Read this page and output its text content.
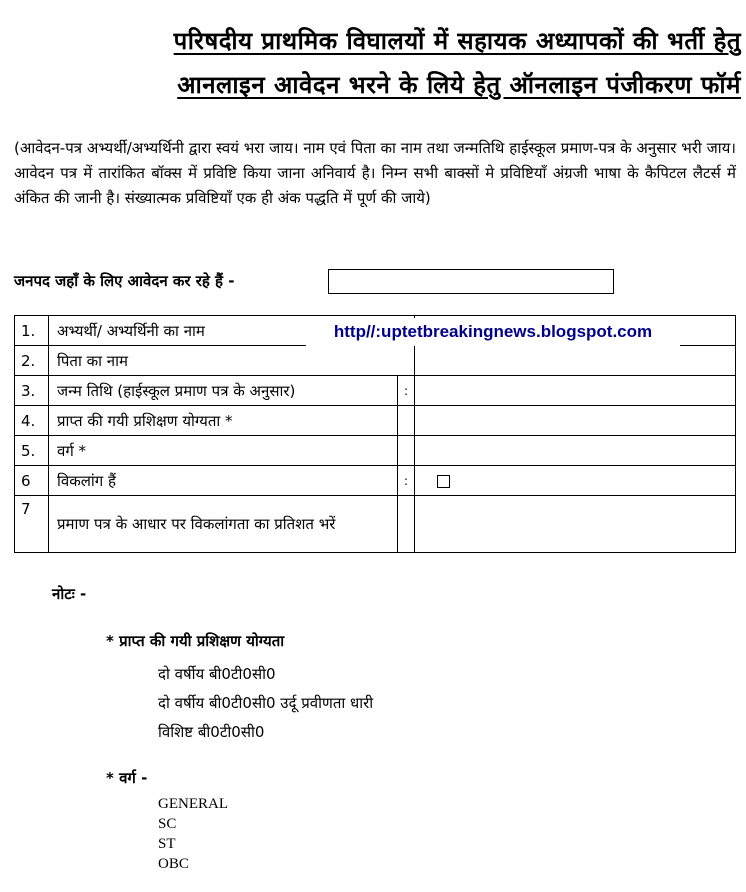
परिषदीय प्राथमिक विघालयों में सहायक अध्यापकों की भर्ती हेतु
आनलाइन आवेदन भरने के लिये हेतु ऑनलाइन पंजीकरण फॉर्म
(आवेदन-पत्र अभ्यर्थी/अभ्यर्थिनी द्वारा स्वयं भरा जाय। नाम एवं पिता का नाम तथा जन्मतिथि हाईस्कूल प्रमाण-पत्र के अनुसार भरी जाय। आवेदन पत्र में तारांकित बॉक्स में प्रविष्टि किया जाना अनिवार्य है। निम्न सभी बाक्सों मे प्रविष्टियाँ अंग्रजी भाषा के कैपिटल लैटर्स में अंकित की जानी है। संख्यात्मक प्रविष्टियाँ एक ही अंक पद्धति में पूर्ण की जाये)
जनपद जहाँ के लिए आवेदन कर रहे हैं -
1.	अभ्यर्थी/ अभ्यर्थिनी का नाम		
2.	पिता का नाम		
3.	जन्म तिथि (हाईस्कूल प्रमाण पत्र के अनुसार)	:	
4.	प्राप्त की गयी प्रशिक्षण योग्यता *		
5.	वर्ग *		
6	विकलांग हैं	:	
7	प्रमाण पत्र के आधार पर विकलांगता का प्रतिशत भरें		
http//:uptetbreakingnews.blogspot.com
नोटः -
* प्राप्त की गयी प्रशिक्षण योग्यता
दो वर्षीय बी0टी0सी0
दो वर्षीय बी0टी0सी0 उर्दू प्रवीणता धारी
विशिष्ट बी0टी0सी0
* वर्ग -
GENERAL
SC
ST
OBC
